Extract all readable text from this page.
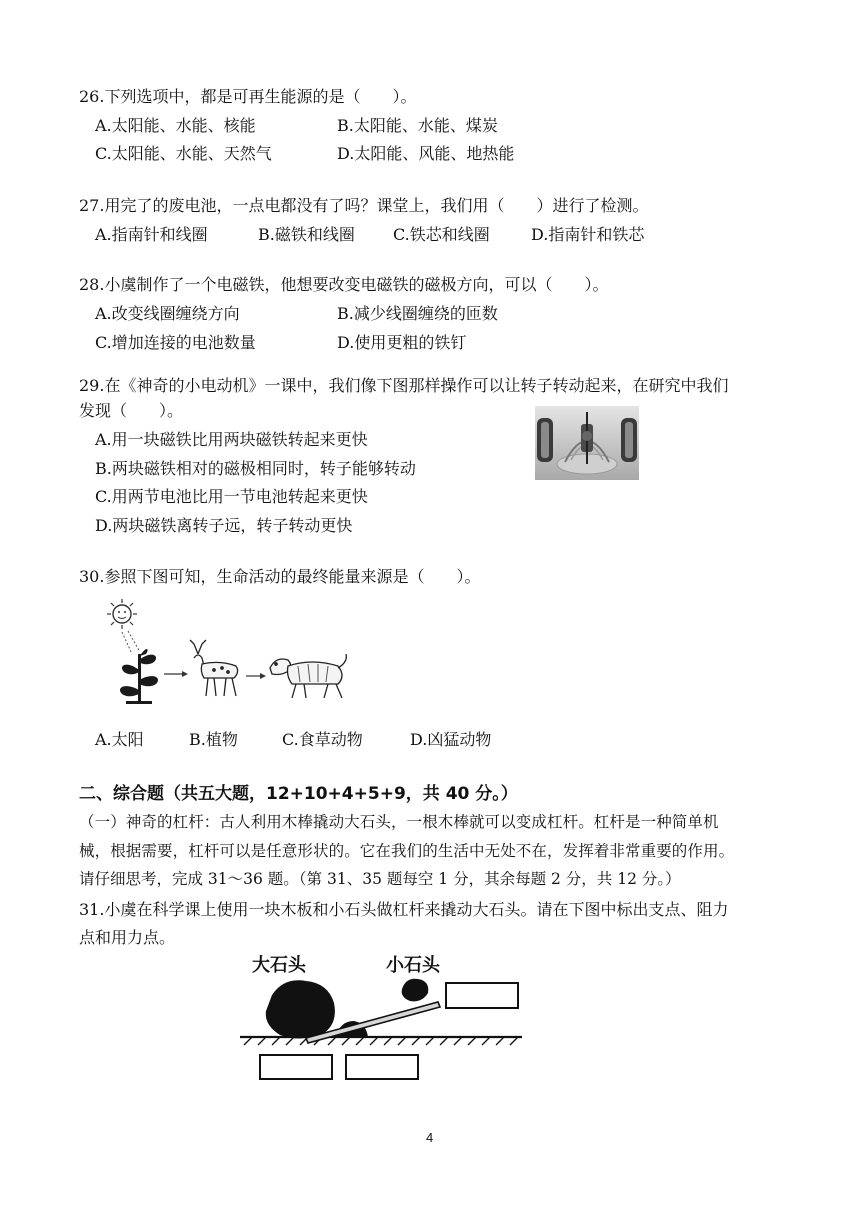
26.下列选项中，都是可再生能源的是（　　）。
A.太阳能、水能、核能	B.太阳能、水能、煤炭
C.太阳能、水能、天然气	D.太阳能、风能、地热能
27.用完了的废电池，一点电都没有了吗？课堂上，我们用（　　）进行了检测。
A.指南针和线圈	B.磁铁和线圈 C.铁芯和线圈	D.指南针和铁芯
28.小虞制作了一个电磁铁，他想要改变电磁铁的磁极方向，可以（　　）。
A.改变线圈缠绕方向	B.减少线圈缠绕的匝数
C.增加连接的电池数量	D.使用更粗的铁钉
29.在《神奇的小电动机》一课中，我们像下图那样操作可以让转子转动起来，在研究中我们
发现（　　）。
A.用一块磁铁比用两块磁铁转起来更快
B.两块磁铁相对的磁极相同时，转子能够转动
C.用两节电池比用一节电池转起来更快
D.两块磁铁离转子远，转子转动更快
30.参照下图可知，生命活动的最终能量来源是（　　）。
A.太阳	B.植物	C.食草动物	D.凶猛动物
二、综合题（共五大题，12+10+4+5+9，共 40 分。）
（一）神奇的杠杆：古人利用木棒撬动大石头，一根木棒就可以变成杠杆。杠杆是一种简单机
械，根据需要，杠杆可以是任意形状的。它在我们的生活中无处不在，发挥着非常重要的作用。
请仔细思考，完成 31～36 题。（第 31、35 题每空 1 分，其余每题 2 分，共 12 分。）
31.小虞在科学课上使用一块木板和小石头做杠杆来撬动大石头。请在下图中标出支点、阻力
点和用力点。
大石头	小石头
4
